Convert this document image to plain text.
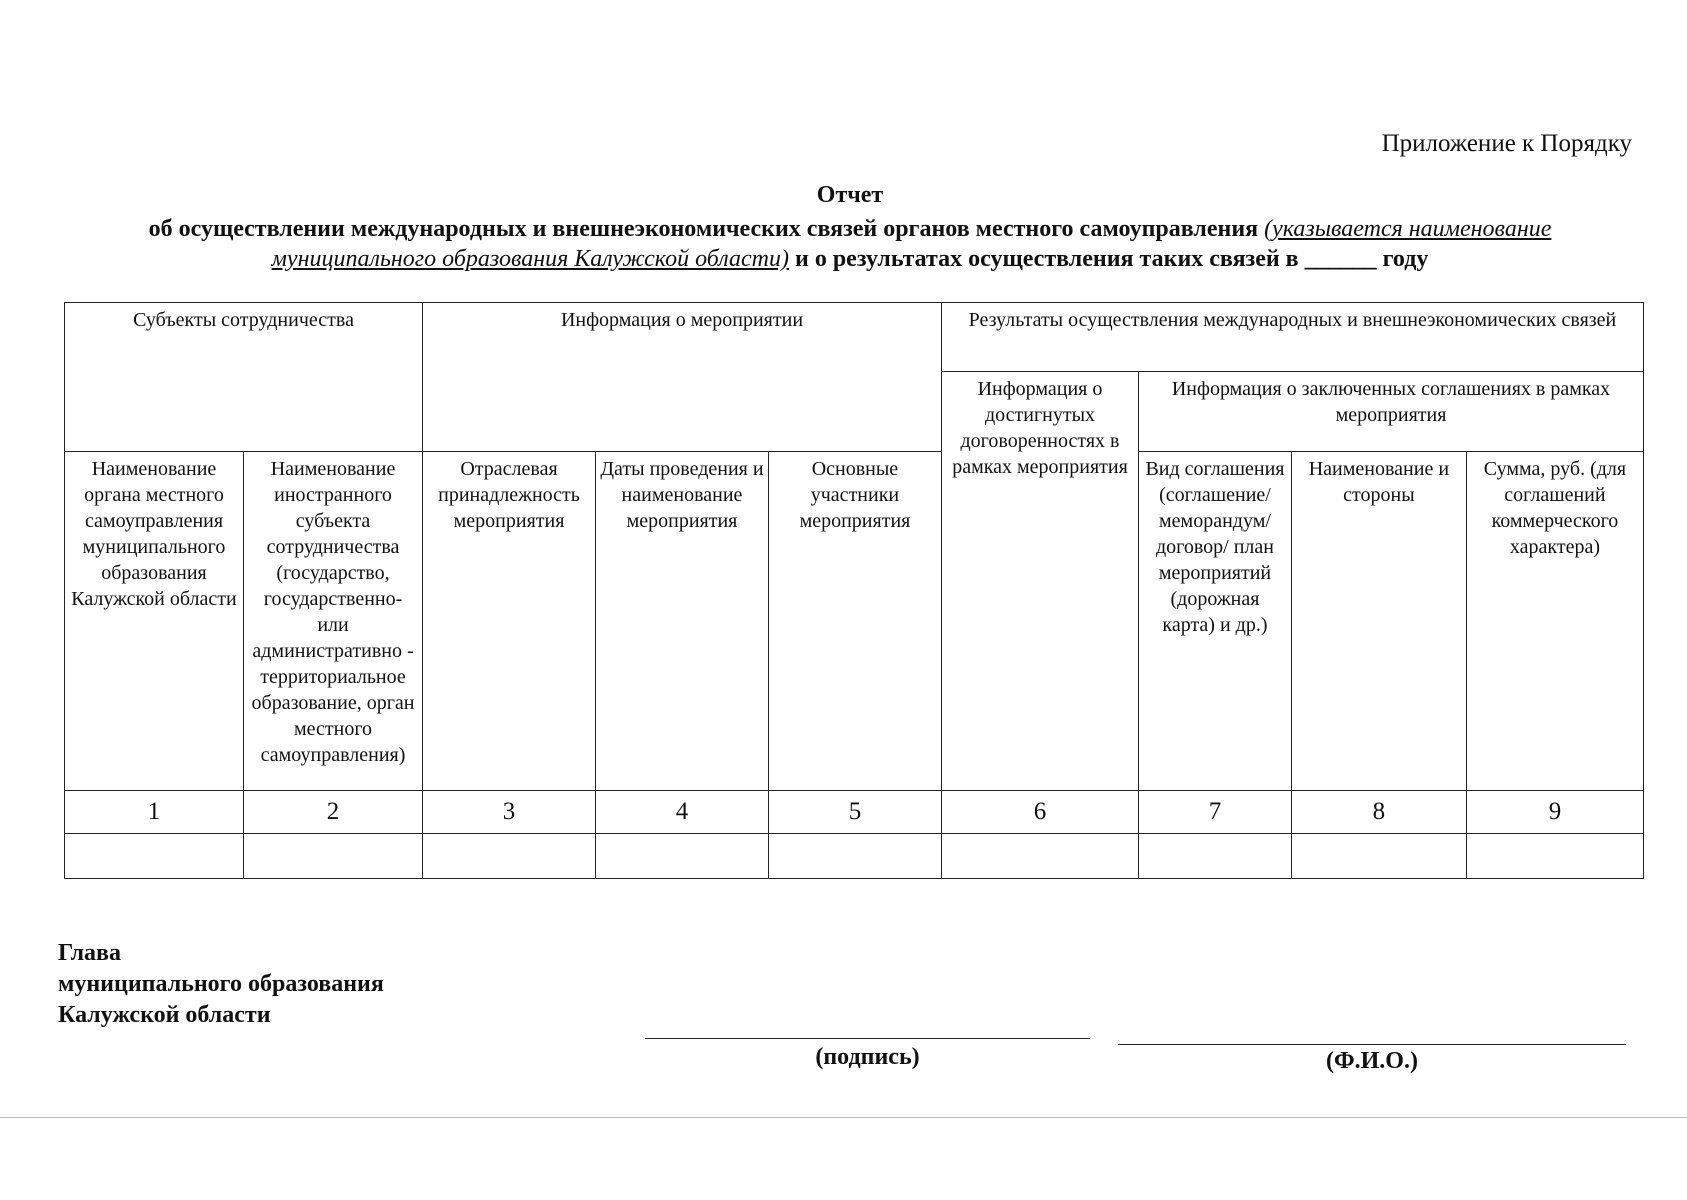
Приложение к Порядку
Отчет
об осуществлении международных и внешнеэкономических связей органов местного самоуправления (указывается наименование муниципального образования Калужской области) и о результатах осуществления таких связей в ______ году
Субъекты сотрудничества		Информация о мероприятии			Результаты осуществления международных и внешнеэкономических связей			
					Информация о достигнутых договоренностях в рамках мероприятия	Информация о заключенных соглашениях в рамках мероприятия		
Наименование органа местного самоуправления муниципального образования Калужской области	Наименование иностранного субъекта сотрудничества (государство, государственно- или административно - территориальное образование, орган местного самоуправления)	Отраслевая принадлежность мероприятия	Даты проведения и наименование мероприятия	Основные участники мероприятия		Вид соглашения (соглашение/ меморандум/ договор/ план мероприятий (дорожная карта) и др.)	Наименование и стороны	Сумма, руб. (для соглашений коммерческого характера)
1	2	3	4	5	6	7	8	9

Глава
муниципального образования
Калужской области
(подпись)	(Ф.И.О.)
